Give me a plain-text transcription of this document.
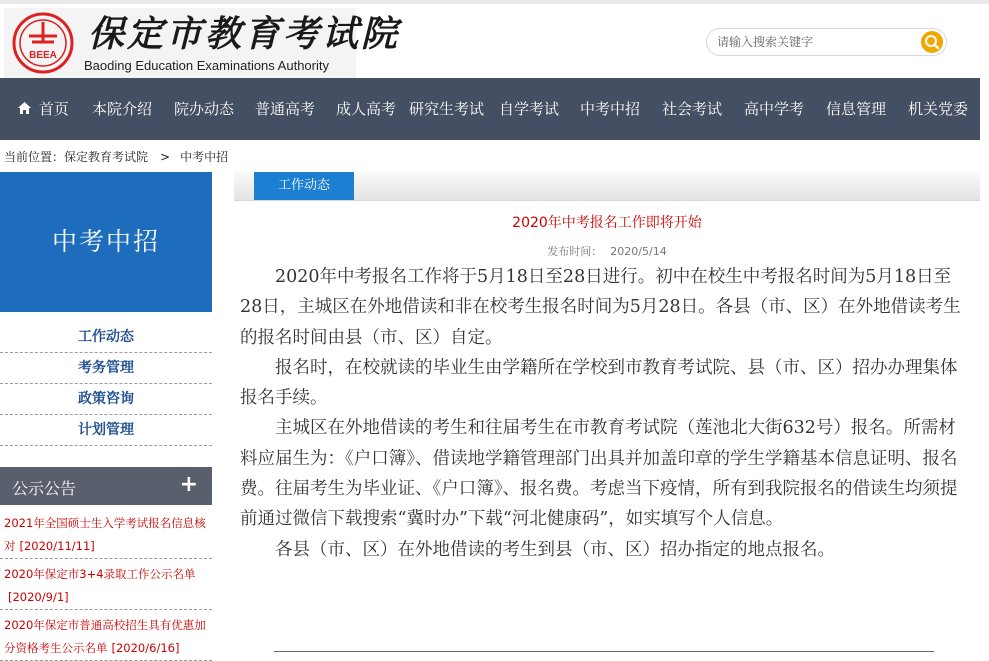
BEEA
保定市教育考试院
Baoding Education Examinations Authority
请输入搜索关键字
首页 本院介绍 院办动态 普通高考 成人高考 研究生考试 自学考试 中考中招 社会考试 高中学考 信息管理 机关党委
当前位置：保定教育考试院 > 中考中招
中考中招
工作动态
考务管理
政策咨询
计划管理
公示公告	+
2021年全国硕士生入学考试报名信息核对 [2020/11/11]
2020年保定市3+4录取工作公示名单[2020/9/1]
2020年保定市普通高校招生具有优惠加分资格考生公示名单 [2020/6/16]
工作动态
2020年中考报名工作即将开始
发布时间： 2020/5/14

2020年中考报名工作将于5月18日至28日进行。初中在校生中考报名时间为5月18日至28日，主城区在外地借读和非在校考生报名时间为5月28日。各县（市、区）在外地借读考生的报名时间由县（市、区）自定。

报名时，在校就读的毕业生由学籍所在学校到市教育考试院、县（市、区）招办办理集体报名手续。

主城区在外地借读的考生和往届考生在市教育考试院（莲池北大街632号）报名。所需材料应届生为：《户口簿》、借读地学籍管理部门出具并加盖印章的学生学籍基本信息证明、报名费。往届考生为毕业证、《户口簿》、报名费。考虑当下疫情，所有到我院报名的借读生均须提前通过微信下载搜索“冀时办”下载“河北健康码”，如实填写个人信息。

各县（市、区）在外地借读的考生到县（市、区）招办指定的地点报名。
